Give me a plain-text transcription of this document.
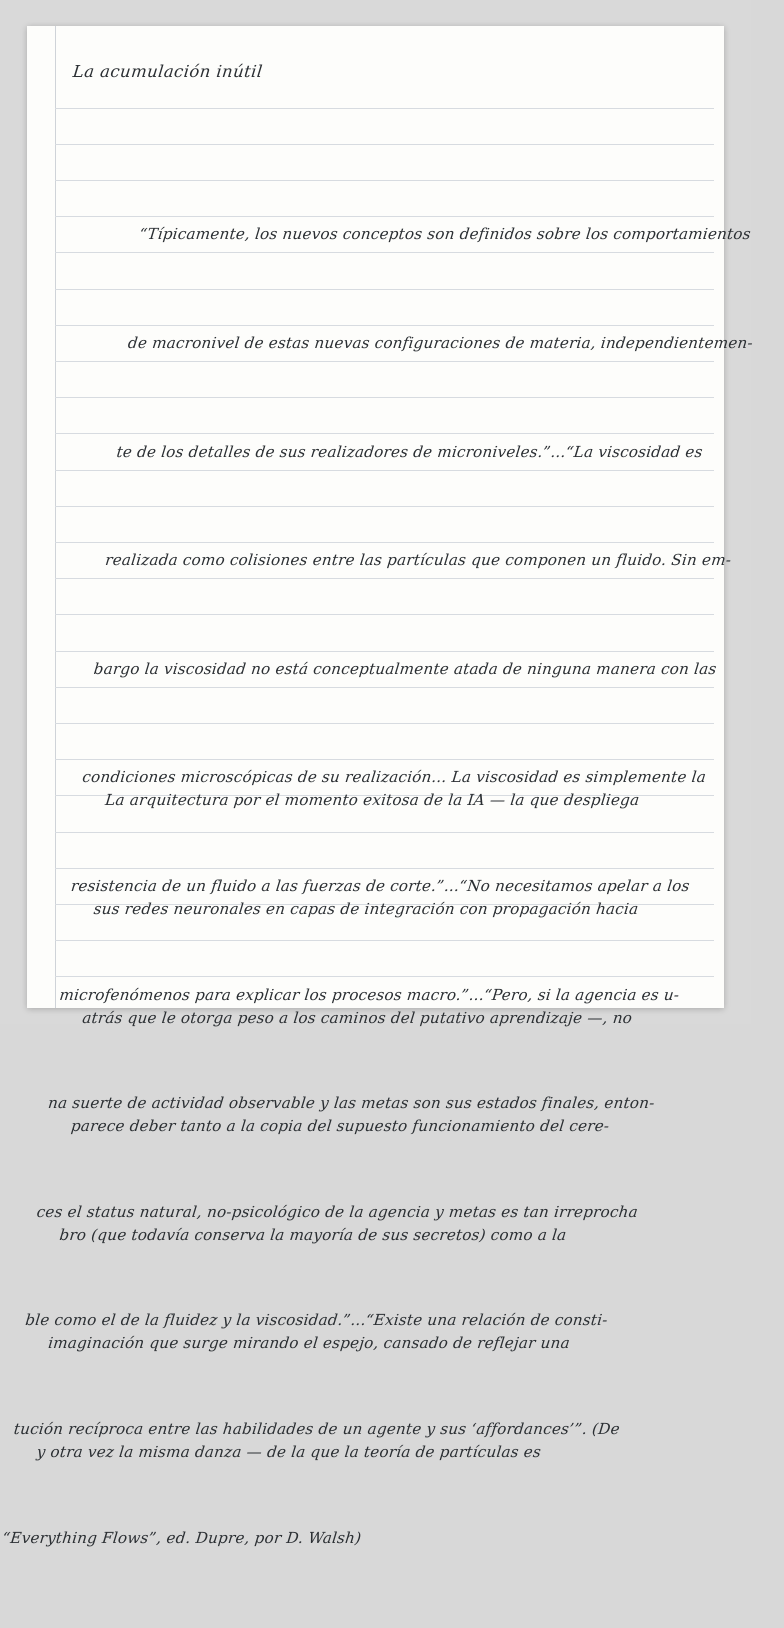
La acumulación inútil

“Típicamente, los nuevos conceptos son definidos sobre los comportamientos

de macronivel de estas nuevas configuraciones de materia, independientemen-

te de los detalles de sus realizadores de microniveles.”...“La viscosidad es

realizada como colisiones entre las partículas que componen un fluido. Sin em-

bargo la viscosidad no está conceptualmente atada de ninguna manera con las

condiciones microscópicas de su realización... La viscosidad es simplemente la

resistencia de un fluido a las fuerzas de corte.”...“No necesitamos apelar a los

microfenómenos para explicar los procesos macro.”...“Pero, si la agencia es u-

na suerte de actividad observable y las metas son sus estados finales, enton-

ces el status natural, no-psicológico de la agencia y metas es tan irreprocha

ble como el de la fluidez y la viscosidad.”...“Existe una relación de consti-

tución recíproca entre las habilidades de un agente y sus ‘affordances’”. (De

“Everything Flows”, ed. Dupre, por D. Walsh)

La arquitectura por el momento exitosa de la IA — la que despliega

sus redes neuronales en capas de integración con propagación hacia

atrás que le otorga peso a los caminos del putativo aprendizaje —, no

parece deber tanto a la copia del supuesto funcionamiento del cere-

bro (que todavía conserva la mayoría de sus secretos) como a la

imaginación que surge mirando el espejo, cansado de reflejar una

y otra vez la misma danza — de la que la teoría de partículas es
